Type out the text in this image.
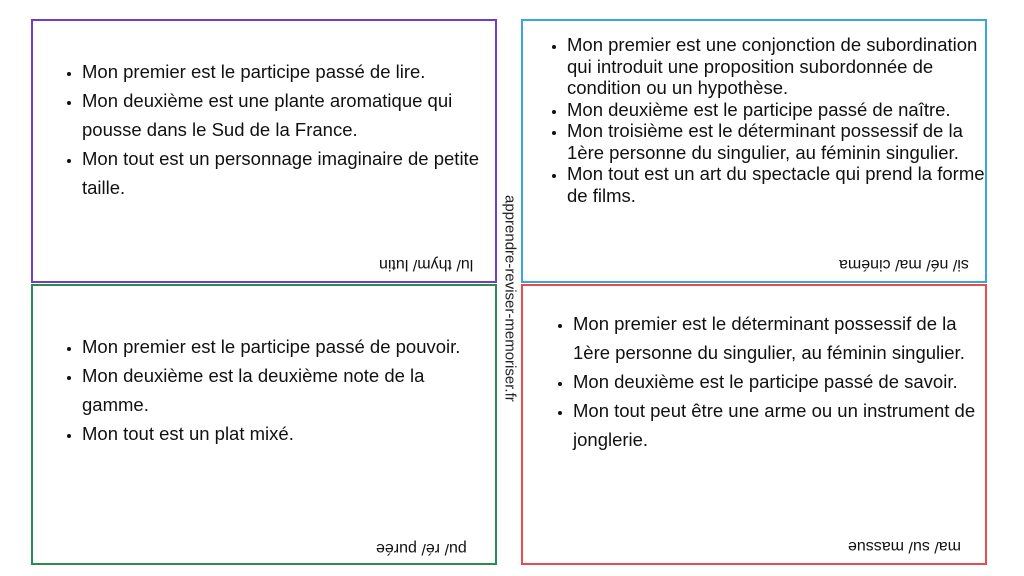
• Mon premier est le participe passé de lire.
• Mon deuxième est une plante aromatique qui pousse dans le Sud de la France.
• Mon tout est un personnage imaginaire de petite taille.
lu/ thym/ lutin
• Mon premier est le participe passé de pouvoir.
• Mon deuxième est la deuxième note de la gamme.
• Mon tout est un plat mixé.
pu/ ré/ purée
• Mon premier est une conjonction de subordination qui introduit une proposition subordonnée de condition ou un hypothèse.
• Mon deuxième est le participe passé de naître.
• Mon troisième est le déterminant possessif de la 1ère personne du singulier, au féminin singulier.
• Mon tout est un art du spectacle qui prend la forme de films.
si/ né/ ma/ cinéma
• Mon premier est le déterminant possessif de la 1ère personne du singulier, au féminin singulier.
• Mon deuxième est le participe passé de savoir.
• Mon tout peut être une arme ou un instrument de jonglerie.
ma/ su/ massue
apprendre-reviser-memoriser.fr
